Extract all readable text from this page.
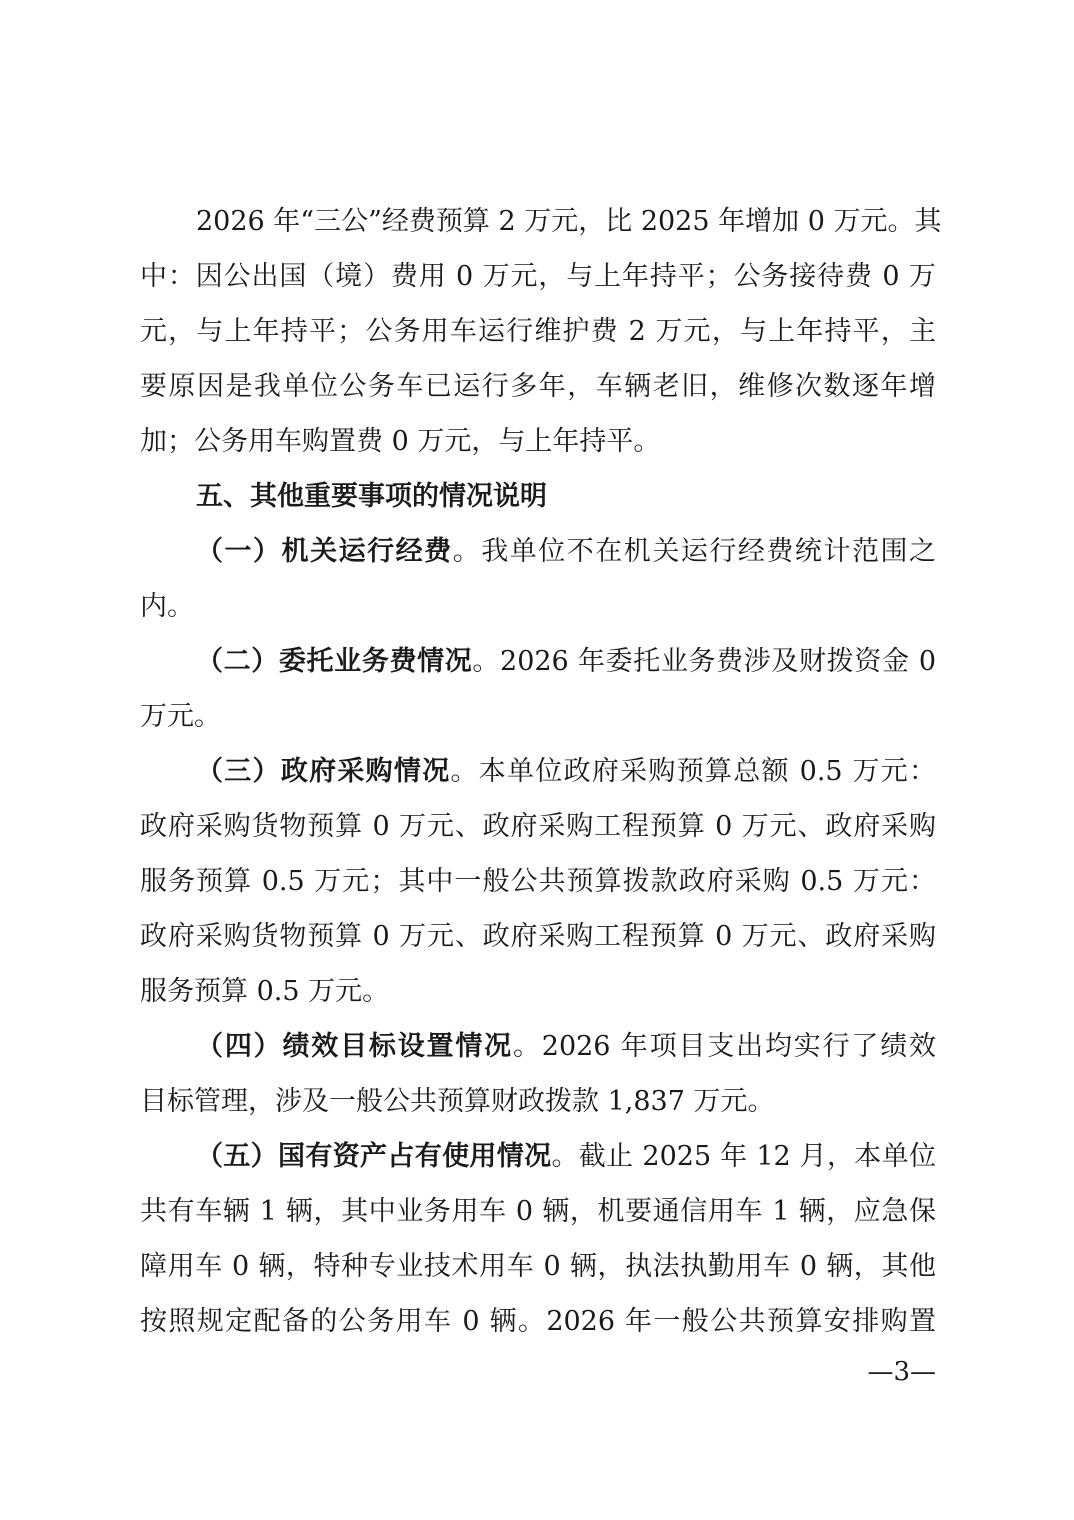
2026 年“三公”经费预算 2 万元，比 2025 年增加 0 万元。其
中：因公出国（境）费用 0 万元，与上年持平；公务接待费 0 万
元，与上年持平；公务用车运行维护费 2 万元，与上年持平，主
要原因是我单位公务车已运行多年，车辆老旧，维修次数逐年增
加；公务用车购置费 0 万元，与上年持平。
五、其他重要事项的情况说明
（一）机关运行经费。我单位不在机关运行经费统计范围之
内。
（二）委托业务费情况。2026 年委托业务费涉及财拨资金 0
万元。
（三）政府采购情况。本单位政府采购预算总额 0.5 万元：
政府采购货物预算 0 万元、政府采购工程预算 0 万元、政府采购
服务预算 0.5 万元；其中一般公共预算拨款政府采购 0.5 万元：
政府采购货物预算 0 万元、政府采购工程预算 0 万元、政府采购
服务预算 0.5 万元。
（四）绩效目标设置情况。2026 年项目支出均实行了绩效
目标管理，涉及一般公共预算财政拨款 1,837 万元。
（五）国有资产占有使用情况。截止 2025 年 12 月，本单位
共有车辆 1 辆，其中业务用车 0 辆，机要通信用车 1 辆，应急保
障用车 0 辆，特种专业技术用车 0 辆，执法执勤用车 0 辆，其他
按照规定配备的公务用车 0 辆。2026 年一般公共预算安排购置
—3—
